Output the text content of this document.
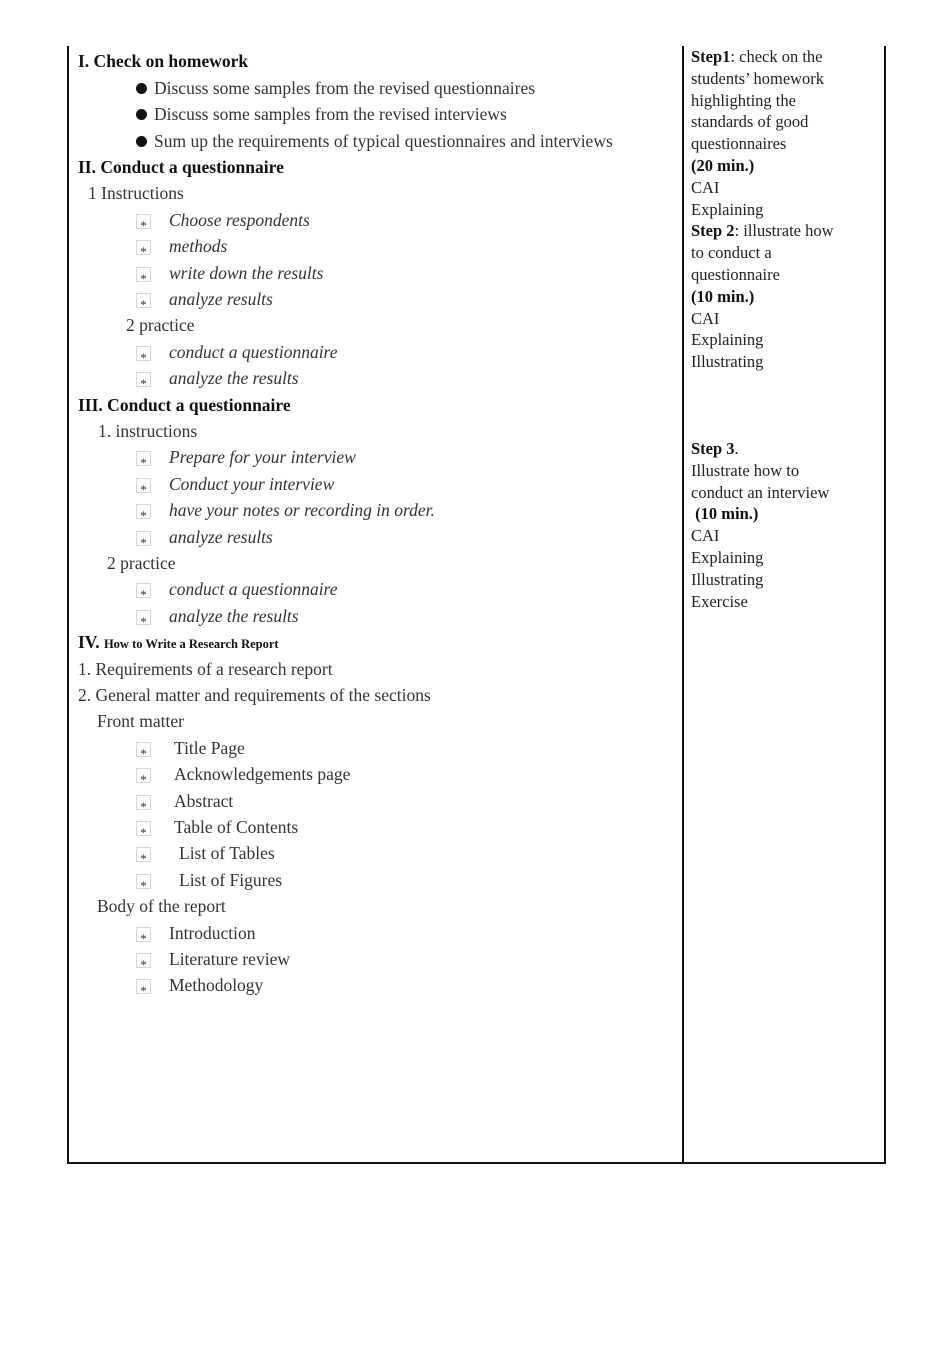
I. Check on homework
Discuss some samples from the revised questionnaires
Discuss some samples from the revised interviews
Sum up the requirements of typical questionnaires and interviews
II. Conduct a questionnaire
1 Instructions
* Choose respondents
* methods
* write down the results
* analyze results
2 practice
* conduct a questionnaire
* analyze the results
III. Conduct a questionnaire
1. instructions
* Prepare for your interview
* Conduct your interview
* have your notes or recording in order.
* analyze results
2 practice
* conduct a questionnaire
* analyze the results
IV. How to Write a Research Report
1. Requirements of a research report
2. General matter and requirements of the sections
Front matter
* Title Page
* Acknowledgements page
* Abstract
* Table of Contents
* List of Tables
* List of Figures
Body of the report
* Introduction
* Literature review
* Methodology
Step1: check on the
students’ homework
highlighting the
standards of good
questionnaires
(20 min.)
CAI
Explaining
Step 2: illustrate how
to conduct a
questionnaire
(10 min.)
CAI
Explaining
Illustrating
Step 3.
Illustrate how to
conduct an interview
(10 min.)
CAI
Explaining
Illustrating
Exercise
